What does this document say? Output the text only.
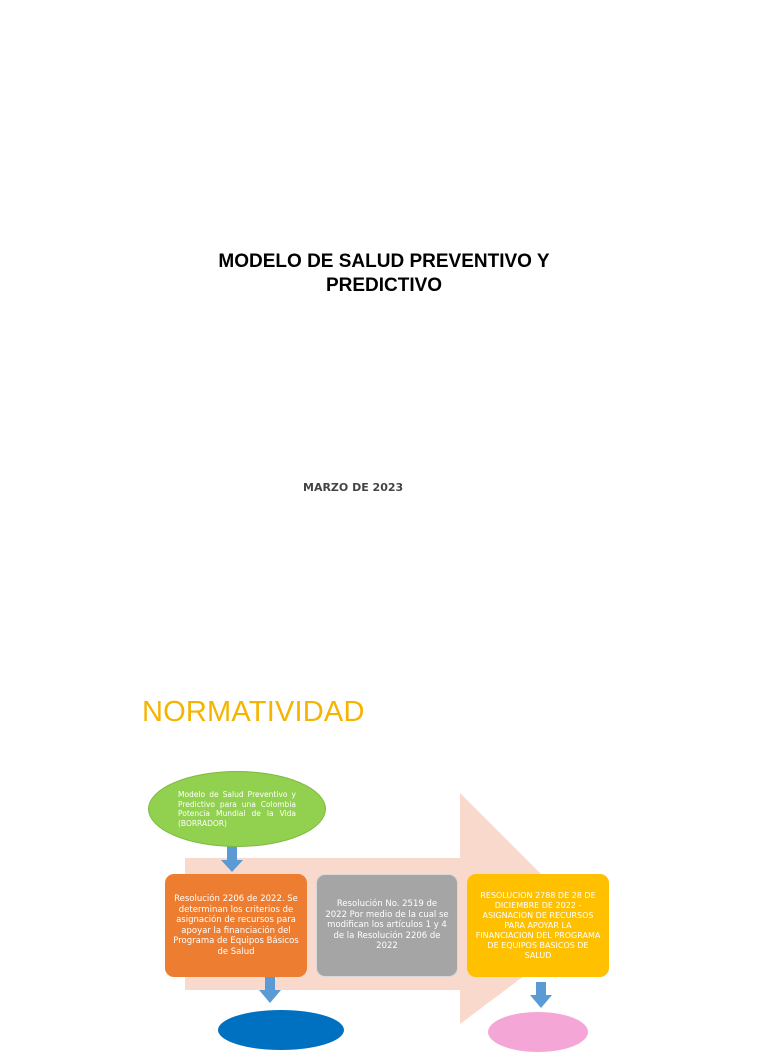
MODELO DE SALUD PREVENTIVO Y PREDICTIVO
MARZO DE 2023
NORMATIVIDAD
Modelo de Salud Preventivo y Predictivo para una Colombia Potencia Mundial de la Vida (BORRADOR)
Resolución 2206 de 2022. Se determinan los criterios de asignación de recursos para apoyar la financiación del Programa de Equipos Básicos de Salud
Resolución No. 2519 de 2022 Por medio de la cual se modifican los artículos 1 y 4 de la Resolución 2206 de 2022
RESOLUCION 2788 DE 28 DE DICIEMBRE DE 2022 - ASIGNACION DE RECURSOS PARA APOYAR LA FINANCIACION DEL PROGRAMA DE EQUIPOS BASICOS DE SALUD
